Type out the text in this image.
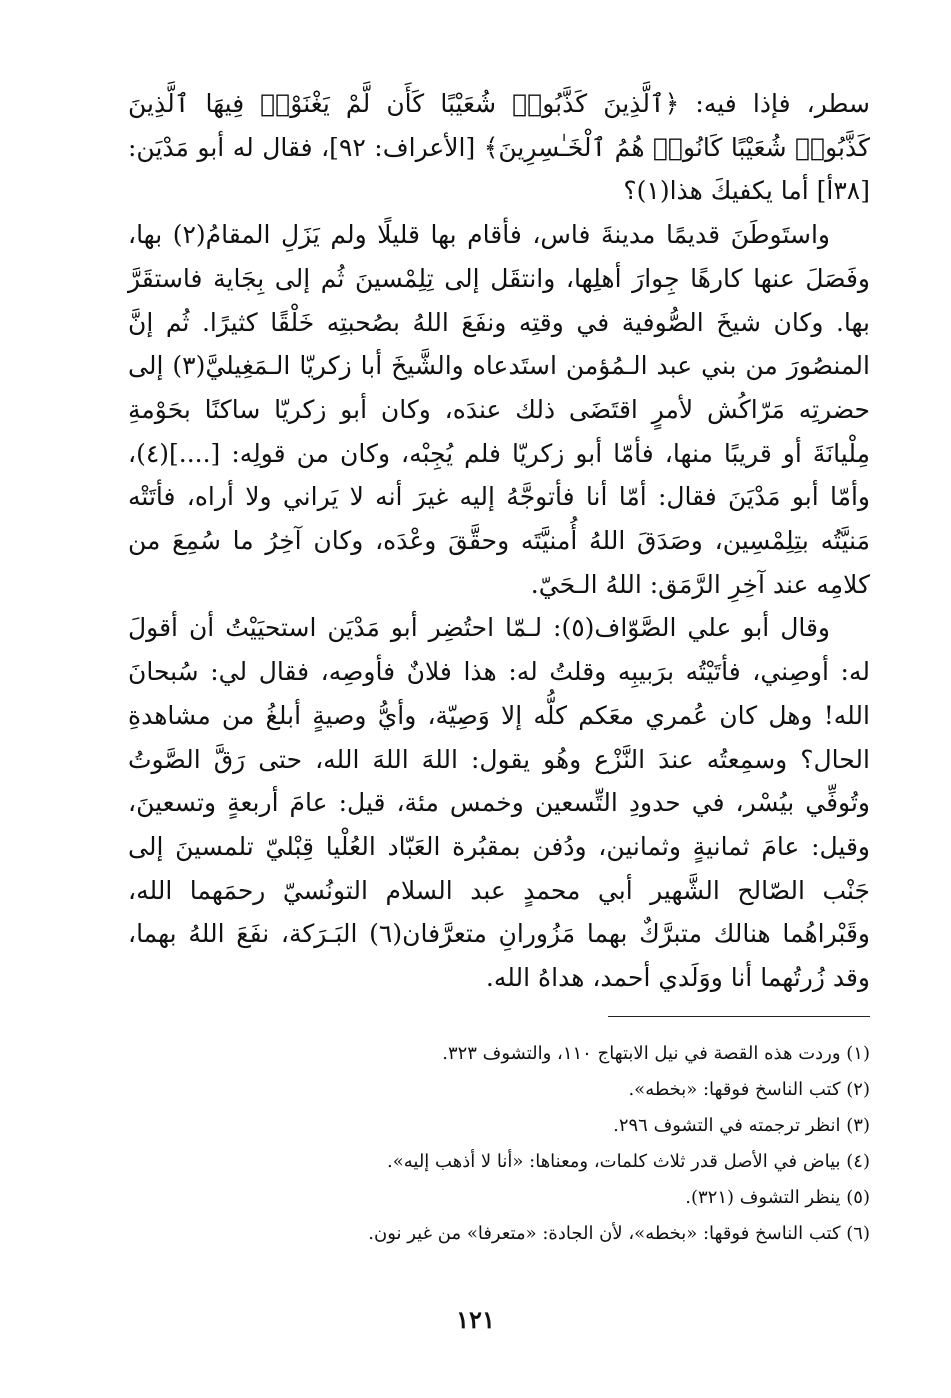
سطر، فإذا فيه: ﴿ٱلَّذِينَ كَذَّبُوا۟ شُعَيْبًا كَأَن لَّمْ يَغْنَوْا۟ فِيهَا ٱلَّذِينَ كَذَّبُوا۟ شُعَيْبًا كَانُوا۟ هُمُ ٱلْخَـٰسِرِينَ﴾ [الأعراف: ٩٢]، فقال له أبو مَدْيَن: [٣٨أ] أما يكفيكَ هذا(١)؟

واستَوطَنَ قديمًا مدينةَ فاس، فأقام بها قليلًا ولم يَزَلِ المقامُ(٢) بها، وفَصَلَ عنها كارهًا جِوارَ أهلِها، وانتقَل إلى تِلِمْسينَ ثُم إلى بِجَاية فاستقَرَّ بها. وكان شيخَ الصُّوفية في وقتِه ونفَعَ اللهُ بصُحبتِه خَلْقًا كثيرًا. ثُم إنَّ المنصُورَ من بني عبد الـمُؤمن استَدعاه والشَّيخَ أبا زكريّا الـمَغِيليَّ(٣) إلى حضرتِه مَرّاكُش لأمرٍ اقتَضَى ذلك عندَه، وكان أبو زكريّا ساكنًا بحَوْمةِ مِلْيانَةَ أو قريبًا منها، فأمّا أبو زكريّا فلم يُجِبْه، وكان من قولِه: [....](٤)، وأمّا أبو مَدْيَنَ فقال: أمّا أنا فأتوجَّهُ إليه غيرَ أنه لا يَراني ولا أراه، فأتَتْه مَنيَّتُه بتِلِمْسِين، وصَدَقَ اللهُ أُمنيَّتَه وحقَّقَ وعْدَه، وكان آخِرُ ما سُمِعَ من كلامِه عند آخِرِ الرَّمَق: اللهُ الـحَيّ.

وقال أبو علي الصَّوّاف(٥): لـمّا احتُضِر أبو مَدْيَن استحيَيْتُ أن أقولَ له: أوصِني، فأتَيْتُه برَبيبِه وقلتُ له: هذا فلانٌ فأوصِه، فقال لي: سُبحانَ الله! وهل كان عُمري معَكم كلُّه إلا وَصِيّة، وأيُّ وصيةٍ أبلغُ من مشاهدةِ الحال؟ وسمِعتُه عندَ النَّزْع وهُو يقول: اللهَ اللهَ الله، حتى رَقَّ الصَّوتُ وتُوفِّي بيُسْر، في حدودِ التِّسعين وخمس مئة، قيل: عامَ أربعةٍ وتسعينَ، وقيل: عامَ ثمانيةٍ وثمانين، ودُفن بمقبُرة العَبّاد العُلْيا قِبْليّ تلمسينَ إلى جَنْب الصّالح الشَّهير أبي محمدٍ عبد السلام التونُسيّ رحمَهما الله، وقَبْراهُما هنالك متبرَّكٌ بهما مَزُورانِ متعرَّفان(٦) البَـرَكة، نفَعَ اللهُ بهما، وقد زُرتُهما أنا ووَلَدي أحمد، هداهُ الله.

(١) وردت هذه القصة في نيل الابتهاج ١١٠، والتشوف ٣٢٣.
(٢) كتب الناسخ فوقها: «بخطه».
(٣) انظر ترجمته في التشوف ٢٩٦.
(٤) بياض في الأصل قدر ثلاث كلمات، ومعناها: «أنا لا أذهب إليه».
(٥) ينظر التشوف (٣٢١).
(٦) كتب الناسخ فوقها: «بخطه»، لأن الجادة: «متعرفا» من غير نون.
١٢١
